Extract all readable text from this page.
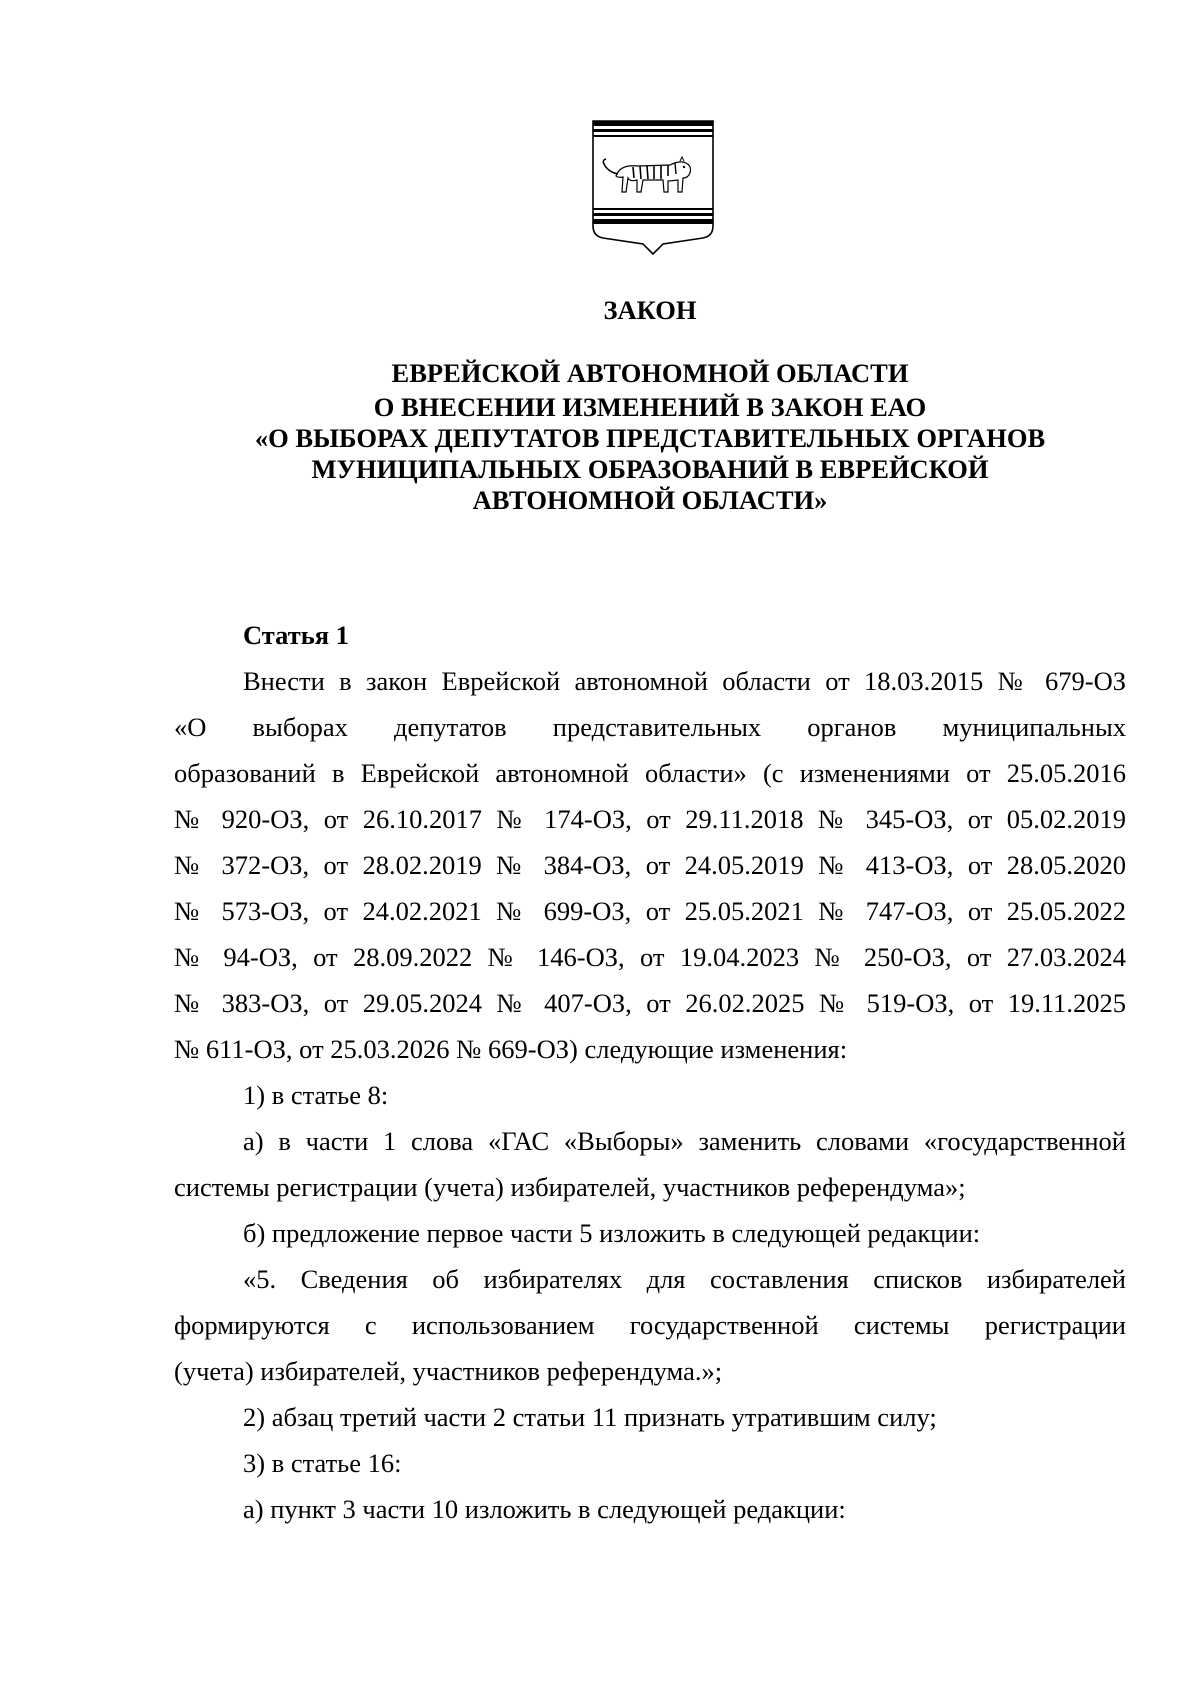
ЗАКОН
ЕВРЕЙСКОЙ АВТОНОМНОЙ ОБЛАСТИ
О ВНЕСЕНИИ ИЗМЕНЕНИЙ В ЗАКОН ЕАО
«О ВЫБОРАХ ДЕПУТАТОВ ПРЕДСТАВИТЕЛЬНЫХ ОРГАНОВ
МУНИЦИПАЛЬНЫХ ОБРАЗОВАНИЙ В ЕВРЕЙСКОЙ
АВТОНОМНОЙ ОБЛАСТИ»
Статья 1
Внести в закон Еврейской автономной области от 18.03.2015 № 679-ОЗ
«О выборах депутатов представительных органов муниципальных
образований в Еврейской автономной области» (с изменениями от 25.05.2016
№ 920-ОЗ, от 26.10.2017 № 174-ОЗ, от 29.11.2018 № 345-ОЗ, от 05.02.2019
№ 372-ОЗ, от 28.02.2019 № 384-ОЗ, от 24.05.2019 № 413-ОЗ, от 28.05.2020
№ 573-ОЗ, от 24.02.2021 № 699-ОЗ, от 25.05.2021 № 747-ОЗ, от 25.05.2022
№ 94-ОЗ, от 28.09.2022 № 146-ОЗ, от 19.04.2023 № 250-ОЗ, от 27.03.2024
№ 383-ОЗ, от 29.05.2024 № 407-ОЗ, от 26.02.2025 № 519-ОЗ, от 19.11.2025
№ 611-ОЗ, от 25.03.2026 № 669-ОЗ) следующие изменения:
1) в статье 8:
а) в части 1 слова «ГАС «Выборы» заменить словами «государственной
системы регистрации (учета) избирателей, участников референдума»;
б) предложение первое части 5 изложить в следующей редакции:
«5. Сведения об избирателях для составления списков избирателей
формируются с использованием государственной системы регистрации
(учета) избирателей, участников референдума.»;
2) абзац третий части 2 статьи 11 признать утратившим силу;
3) в статье 16:
а) пункт 3 части 10 изложить в следующей редакции:
